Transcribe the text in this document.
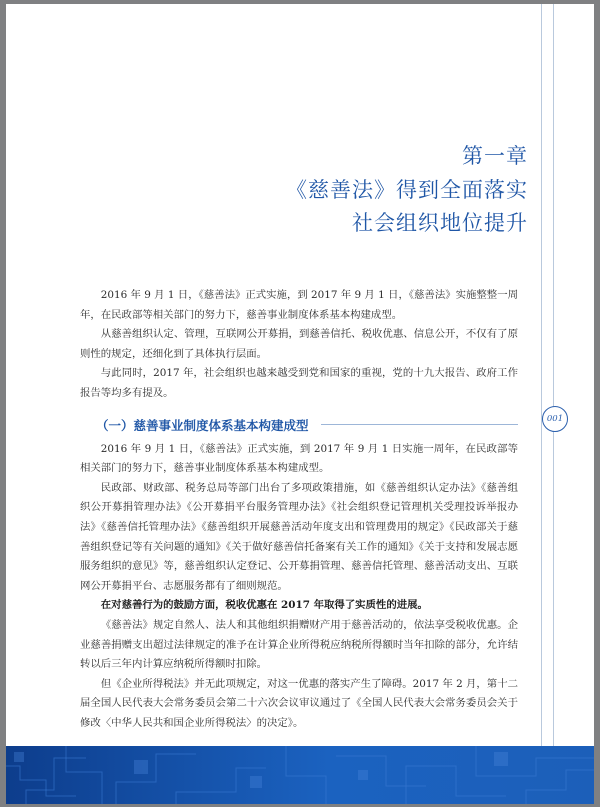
第一章
《慈善法》得到全面落实
社会组织地位提升

2016 年 9 月 1 日，《慈善法》正式实施，到 2017 年 9 月 1 日，《慈善法》实施整整一周年，在民政部等相关部门的努力下，慈善事业制度体系基本构建成型。

从慈善组织认定、管理，互联网公开募捐，到慈善信托、税收优惠、信息公开，不仅有了原则性的规定，还细化到了具体执行层面。

与此同时，2017 年，社会组织也越来越受到党和国家的重视，党的十九大报告、政府工作报告等均多有提及。

（一）慈善事业制度体系基本构建成型

2016 年 9 月 1 日，《慈善法》正式实施，到 2017 年 9 月 1 日实施一周年，在民政部等相关部门的努力下，慈善事业制度体系基本构建成型。

民政部、财政部、税务总局等部门出台了多项政策措施，如《慈善组织认定办法》《慈善组织公开募捐管理办法》《公开募捐平台服务管理办法》《社会组织登记管理机关受理投诉举报办法》《慈善信托管理办法》《慈善组织开展慈善活动年度支出和管理费用的规定》《民政部关于慈善组织登记等有关问题的通知》《关于做好慈善信托备案有关工作的通知》《关于支持和发展志愿服务组织的意见》等，慈善组织认定登记、公开募捐管理、慈善信托管理、慈善活动支出、互联网公开募捐平台、志愿服务都有了细则规范。

在对慈善行为的鼓励方面，税收优惠在 2017 年取得了实质性的进展。

《慈善法》规定自然人、法人和其他组织捐赠财产用于慈善活动的，依法享受税收优惠。企业慈善捐赠支出超过法律规定的准予在计算企业所得税应纳税所得额时当年扣除的部分，允许结转以后三年内计算应纳税所得额时扣除。

但《企业所得税法》并无此项规定，对这一优惠的落实产生了障碍。2017 年 2 月，第十二届全国人民代表大会常务委员会第二十六次会议审议通过了《全国人民代表大会常务委员会关于修改〈中华人民共和国企业所得税法〉的决定》。

001
